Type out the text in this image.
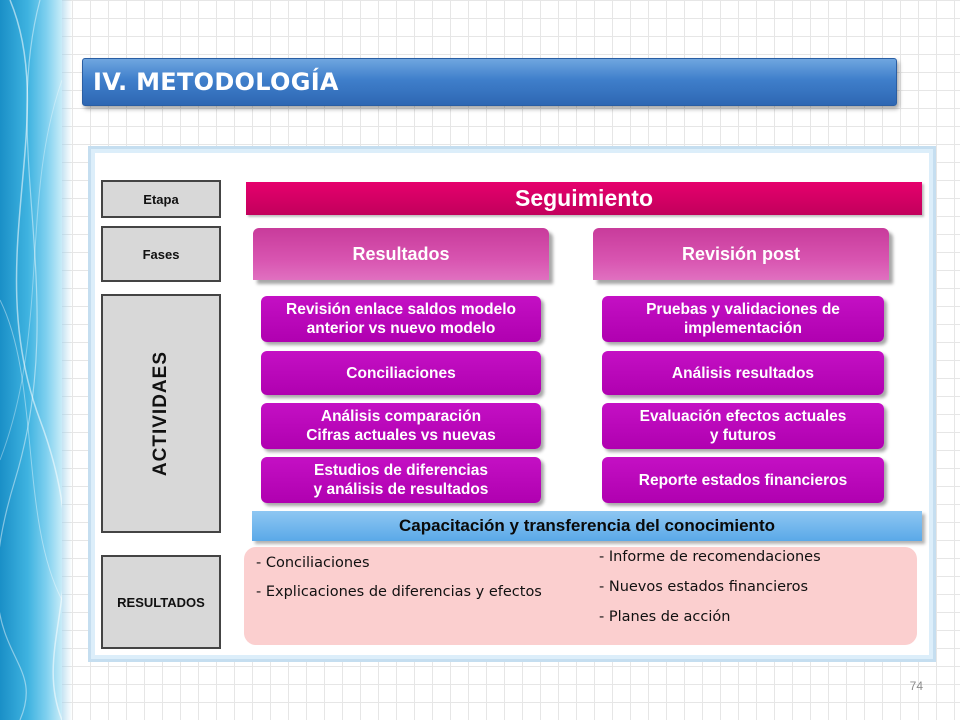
IV. METODOLOGÍA
Etapa
Fases
ACTIVIDAES
RESULTADOS
Seguimiento
Resultados	Revisión post
Revisión enlace saldos modelo
anterior vs nuevo modelo
Conciliaciones
Análisis comparación
Cifras actuales vs nuevas
Estudios de diferencias
y análisis de resultados
Pruebas y validaciones de
implementación
Análisis resultados
Evaluación efectos actuales
y futuros
Reporte estados financieros
Capacitación y transferencia del conocimiento
- Conciliaciones
- Explicaciones de diferencias y efectos
- Informe de recomendaciones
- Nuevos estados financieros
- Planes de acción
74
